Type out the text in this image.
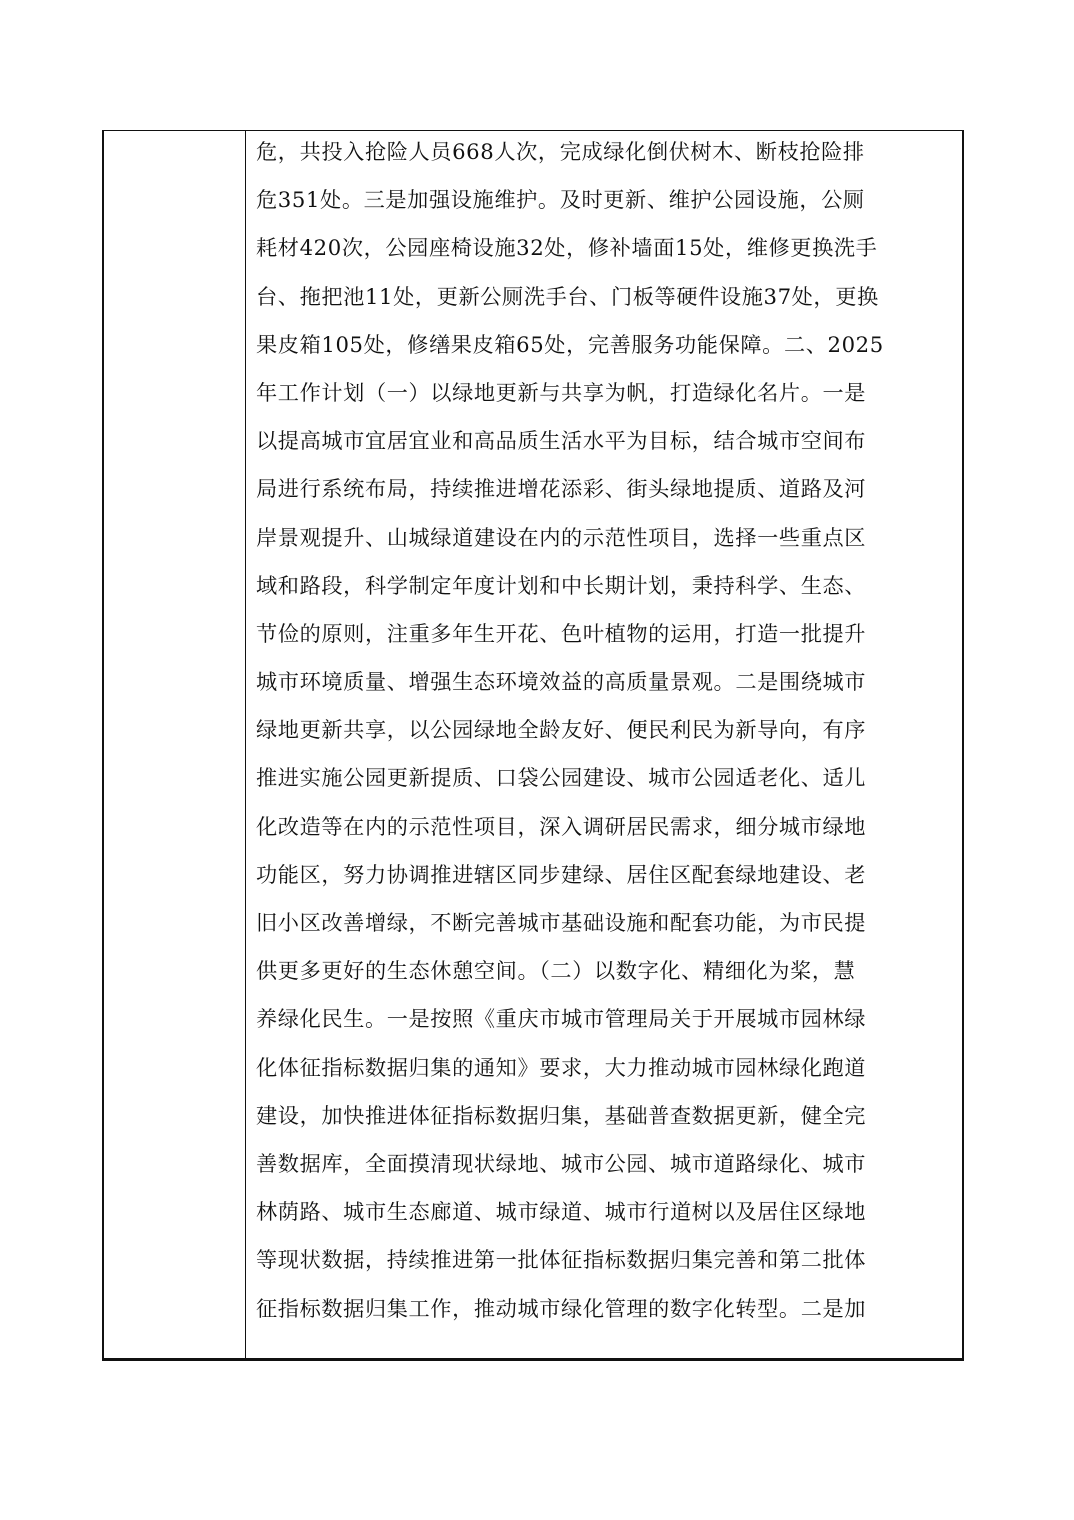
危，共投入抢险人员668人次，完成绿化倒伏树木、断枝抢险排
危351处。三是加强设施维护。及时更新、维护公园设施，公厕
耗材420次，公园座椅设施32处，修补墙面15处，维修更换洗手
台、拖把池11处，更新公厕洗手台、门板等硬件设施37处，更换
果皮箱105处，修缮果皮箱65处，完善服务功能保障。二、2025
年工作计划（一）以绿地更新与共享为帆，打造绿化名片。一是
以提高城市宜居宜业和高品质生活水平为目标，结合城市空间布
局进行系统布局，持续推进增花添彩、街头绿地提质、道路及河
岸景观提升、山城绿道建设在内的示范性项目，选择一些重点区
域和路段，科学制定年度计划和中长期计划，秉持科学、生态、
节俭的原则，注重多年生开花、色叶植物的运用，打造一批提升
城市环境质量、增强生态环境效益的高质量景观。二是围绕城市
绿地更新共享，以公园绿地全龄友好、便民利民为新导向，有序
推进实施公园更新提质、口袋公园建设、城市公园适老化、适儿
化改造等在内的示范性项目，深入调研居民需求，细分城市绿地
功能区，努力协调推进辖区同步建绿、居住区配套绿地建设、老
旧小区改善增绿，不断完善城市基础设施和配套功能，为市民提
供更多更好的生态休憩空间。（二）以数字化、精细化为桨，慧
养绿化民生。一是按照《重庆市城市管理局关于开展城市园林绿
化体征指标数据归集的通知》要求，大力推动城市园林绿化跑道
建设，加快推进体征指标数据归集，基础普查数据更新，健全完
善数据库，全面摸清现状绿地、城市公园、城市道路绿化、城市
林荫路、城市生态廊道、城市绿道、城市行道树以及居住区绿地
等现状数据，持续推进第一批体征指标数据归集完善和第二批体
征指标数据归集工作，推动城市绿化管理的数字化转型。二是加
